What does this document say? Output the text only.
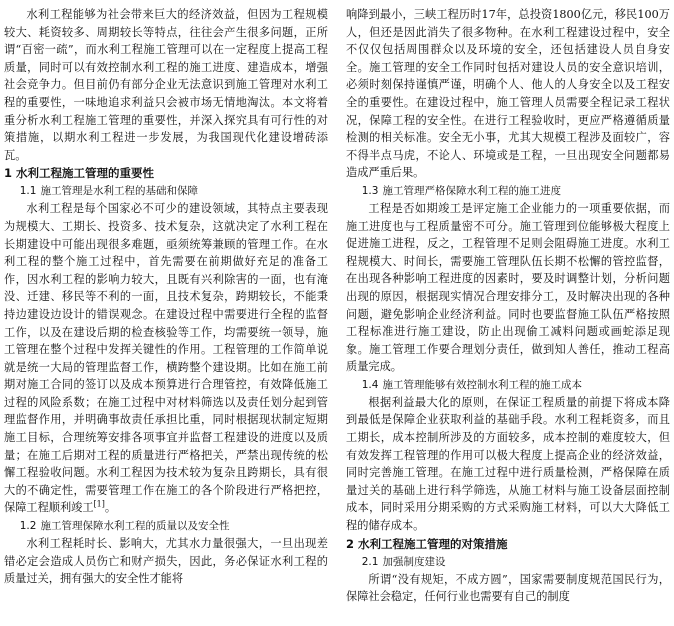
水利工程能够为社会带来巨大的经济效益，但因为工程规模较大、耗资较多、周期较长等特点，往往会产生很多问题，正所谓“百密一疏”，而水利工程施工管理可以在一定程度上提高工程质量，同时可以有效控制水利工程的施工进度、建造成本，增强社会竞争力。但目前仍有部分企业无法意识到施工管理对水利工程的重要性，一味地追求利益只会被市场无情地淘汰。本文将着重分析水利工程施工管理的重要性，并深入探究具有可行性的对策措施，以期水利工程进一步发展，为我国现代化建设增砖添瓦。

1 水利工程施工管理的重要性
1.1 施工管理是水利工程的基础和保障

水利工程是每个国家必不可少的建设领域，其特点主要表现为规模大、工期长、投资多、技术复杂，这就决定了水利工程在长期建设中可能出现很多难题，亟须统筹兼顾的管理工作。在水利工程的整个施工过程中，首先需要在前期做好充足的准备工作，因水利工程的影响力较大，且既有兴利除害的一面，也有淹没、迁建、移民等不利的一面，且技术复杂，跨期较长，不能秉持边建设边设计的错误观念。在建设过程中需要进行全程的监督工作，以及在建设后期的检查核验等工作，均需要统一领导，施工管理在整个过程中发挥关键性的作用。工程管理的工作简单说就是统一大局的管理监督工作，横跨整个建设期。比如在施工前期对施工合同的签订以及成本预算进行合理管控，有效降低施工过程的风险系数；在施工过程中对材料筛选以及责任划分起到管理监督作用，并明确事故责任承担比重，同时根据现状制定短期施工目标，合理统筹安排各项事宜并监督工程建设的进度以及质量；在施工后期对工程的质量进行严格把关，严禁出现传统的松懈工程验收问题。水利工程因为技术较为复杂且跨期长，具有很大的不确定性，需要管理工作在施工的各个阶段进行严格把控，保障工程顺利竣工[1]。

1.2 施工管理保障水利工程的质量以及安全性

水利工程耗时长、影响大，尤其水力量很强大，一旦出现差错必定会造成人员伤亡和财产损失，因此，务必保证水利工程的质量过关，拥有强大的安全性才能将

响降到最小，三峡工程历时17年，总投资1800亿元，移民100万人，但还是因此消失了很多物种。在水利工程建设过程中，安全不仅仅包括周围群众以及环境的安全，还包括建设人员自身安全。施工管理的安全工作同时包括对建设人员的安全意识培训，必须时刻保持谨慎严谨，明确个人、他人的人身安全以及工程安全的重要性。在建设过程中，施工管理人员需要全程记录工程状况，保障工程的安全性。在进行工程验收时，更应严格遵循质量检测的相关标准。安全无小事，尤其大规模工程涉及面较广，容不得半点马虎，不论人、环境或是工程，一旦出现安全问题都易造成严重后果。

1.3 施工管理严格保障水利工程的施工进度

工程是否如期竣工是评定施工企业能力的一项重要依据，而施工进度也与工程质量密不可分。施工管理到位能够极大程度上促进施工进程，反之，工程管理不足则会阻碍施工进度。水利工程规模大、时间长，需要施工管理队伍长期不松懈的管控监督，在出现各种影响工程进度的因素时，要及时调整计划，分析问题出现的原因，根据现实情况合理安排分工，及时解决出现的各种问题，避免影响企业经济利益。同时也要监督施工队伍严格按照工程标准进行施工建设，防止出现偷工减料问题或画蛇添足现象。施工管理工作要合理划分责任，做到知人善任，推动工程高质量完成。

1.4 施工管理能够有效控制水利工程的施工成本

根据利益最大化的原则，在保证工程质量的前提下将成本降到最低是保障企业获取利益的基础手段。水利工程耗资多，而且工期长，成本控制所涉及的方面较多，成本控制的难度较大，但有效发挥工程管理的作用可以极大程度上提高企业的经济效益，同时完善施工管理。在施工过程中进行质量检测，严格保障在质量过关的基础上进行科学筛选，从施工材料与施工设备层面控制成本，同时采用分期采购的方式采购施工材料，可以大大降低工程的储存成本。

2 水利工程施工管理的对策措施
2.1 加强制度建设

所谓“没有规矩，不成方圆”，国家需要制度规范国民行为，保障社会稳定，任何行业也需要有自己的制度
